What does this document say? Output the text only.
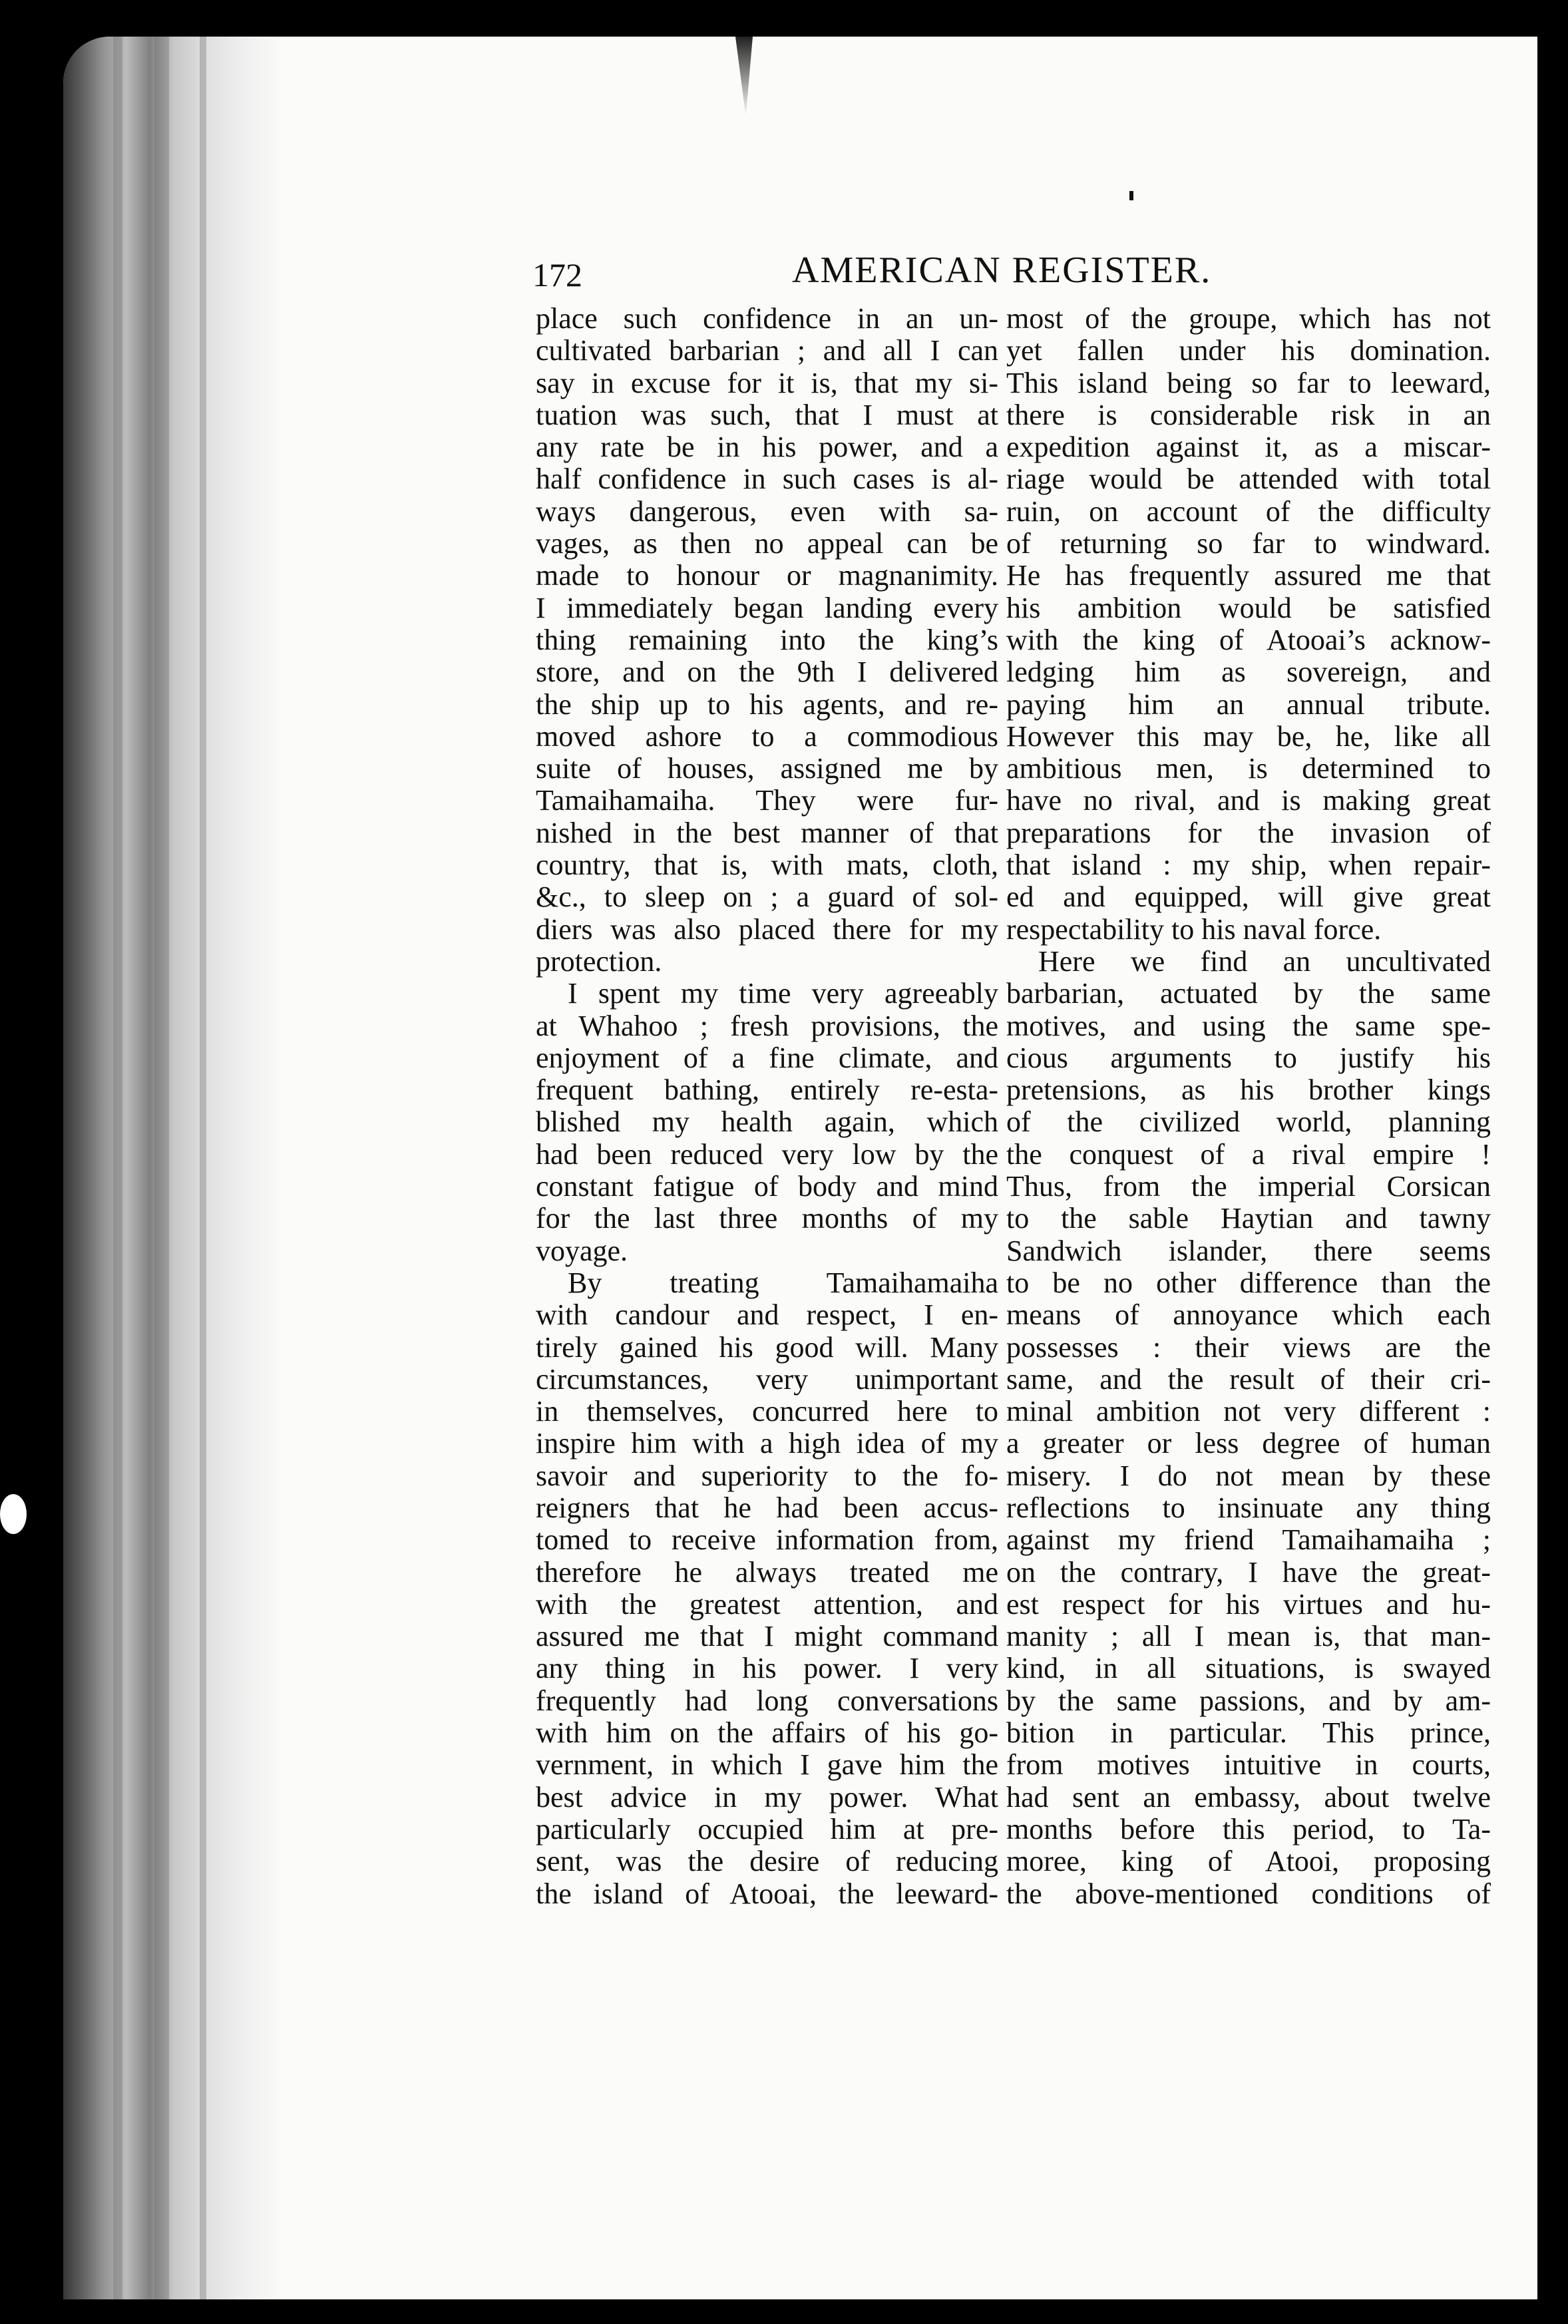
172	AMERICAN REGISTER.
place such confidence in an un-
cultivated barbarian ; and all I can
say in excuse for it is, that my si-
tuation was such, that I must at
any rate be in his power, and a
half confidence in such cases is al-
ways dangerous, even with sa-
vages, as then no appeal can be
made to honour or magnanimity.
I immediately began landing every
thing remaining into the king’s
store, and on the 9th I delivered
the ship up to his agents, and re-
moved ashore to a commodious
suite of houses, assigned me by
Tamaihamaiha. They were fur-
nished in the best manner of that
country, that is, with mats, cloth,
&c., to sleep on ; a guard of sol-
diers was also placed there for my
protection.
I spent my time very agreeably
at Whahoo ; fresh provisions, the
enjoyment of a fine climate, and
frequent bathing, entirely re-esta-
blished my health again, which
had been reduced very low by the
constant fatigue of body and mind
for the last three months of my
voyage.
By treating Tamaihamaiha
with candour and respect, I en-
tirely gained his good will. Many
circumstances, very unimportant
in themselves, concurred here to
inspire him with a high idea of my
savoir and superiority to the fo-
reigners that he had been accus-
tomed to receive information from,
therefore he always treated me
with the greatest attention, and
assured me that I might command
any thing in his power. I very
frequently had long conversations
with him on the affairs of his go-
vernment, in which I gave him the
best advice in my power. What
particularly occupied him at pre-
sent, was the desire of reducing
the island of Atooai, the leeward-
most of the groupe, which has not
yet fallen under his domination.
This island being so far to leeward,
there is considerable risk in an
expedition against it, as a miscar-
riage would be attended with total
ruin, on account of the difficulty
of returning so far to windward.
He has frequently assured me that
his ambition would be satisfied
with the king of Atooai’s acknow-
ledging him as sovereign, and
paying him an annual tribute.
However this may be, he, like all
ambitious men, is determined to
have no rival, and is making great
preparations for the invasion of
that island : my ship, when repair-
ed and equipped, will give great
respectability to his naval force.
Here we find an uncultivated
barbarian, actuated by the same
motives, and using the same spe-
cious arguments to justify his
pretensions, as his brother kings
of the civilized world, planning
the conquest of a rival empire !
Thus, from the imperial Corsican
to the sable Haytian and tawny
Sandwich islander, there seems
to be no other difference than the
means of annoyance which each
possesses : their views are the
same, and the result of their cri-
minal ambition not very different :
a greater or less degree of human
misery. I do not mean by these
reflections to insinuate any thing
against my friend Tamaihamaiha ;
on the contrary, I have the great-
est respect for his virtues and hu-
manity ; all I mean is, that man-
kind, in all situations, is swayed
by the same passions, and by am-
bition in particular. This prince,
from motives intuitive in courts,
had sent an embassy, about twelve
months before this period, to Ta-
moree, king of Atooi, proposing
the above-mentioned conditions of
